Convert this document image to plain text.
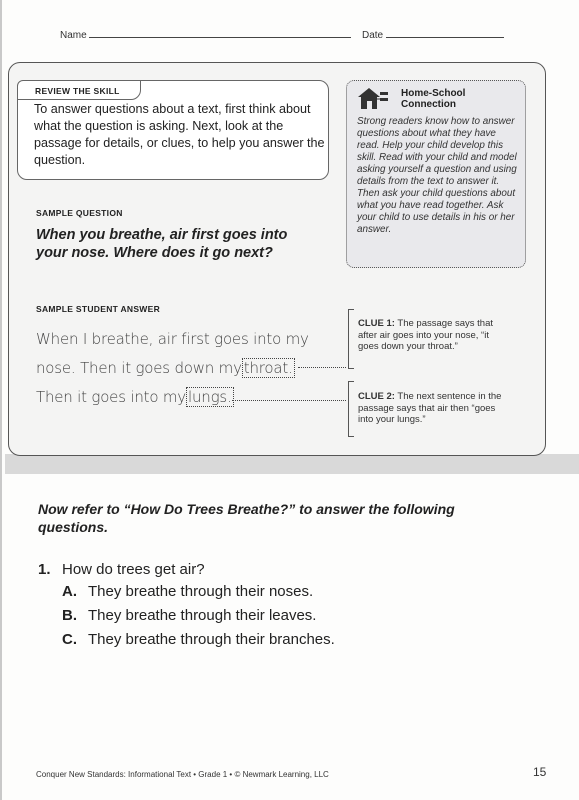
Name	Date
REVIEW THE SKILL
To answer questions about a text, first think about what the question is asking. Next, look at the passage for details, or clues, to help you answer the question.
Home-School
Connection
Strong readers know how to answer questions about what they have read. Help your child develop this skill. Read with your child and model asking yourself a question and using details from the text to answer it. Then ask your child questions about what you have read together. Ask your child to use details in his or her answer.
SAMPLE QUESTION
When you breathe, air first goes into your nose. Where does it go next?
SAMPLE STUDENT ANSWER
When I breathe, air first goes into my
nose. Then it goes down my throat.
Then it goes into my lungs.
CLUE 1: The passage says that after air goes into your nose, “it goes down your throat.”
CLUE 2: The next sentence in the passage says that air then “goes into your lungs.”
Now refer to “How Do Trees Breathe?” to answer the following questions.
1. How do trees get air?
A. They breathe through their noses.
B. They breathe through their leaves.
C. They breathe through their branches.
Conquer New Standards: Informational Text • Grade 1 • © Newmark Learning, LLC	15
